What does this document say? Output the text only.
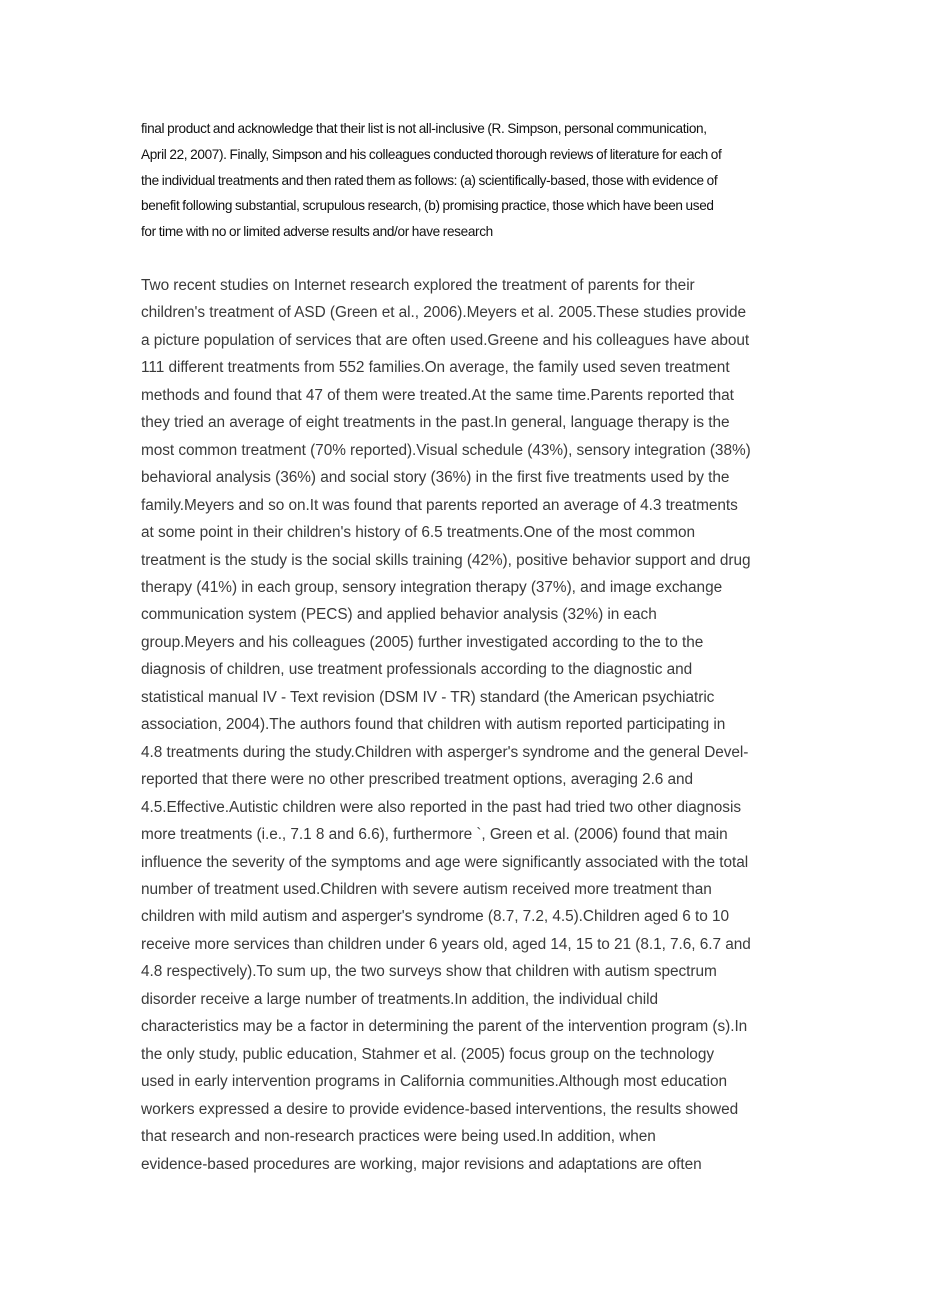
final product and acknowledge that their list is not all-inclusive (R. Simpson, personal communication,
April 22, 2007). Finally, Simpson and his colleagues conducted thorough reviews of literature for each of
the individual treatments and then rated them as follows: (a) scientifically-based, those with evidence of
benefit following substantial, scrupulous research, (b) promising practice, those which have been used
for time with no or limited adverse results and/or have research
Two recent studies on Internet research explored the treatment of parents for their
children's treatment of ASD (Green et al., 2006).Meyers et al. 2005.These studies provide
a picture population of services that are often used.Greene and his colleagues have about
111 different treatments from 552 families.On average, the family used seven treatment
methods and found that 47 of them were treated.At the same time.Parents reported that
they tried an average of eight treatments in the past.In general, language therapy is the
most common treatment (70% reported).Visual schedule (43%), sensory integration (38%)
behavioral analysis (36%) and social story (36%) in the first five treatments used by the
family.Meyers and so on.It was found that parents reported an average of 4.3 treatments
at some point in their children's history of 6.5 treatments.One of the most common
treatment is the study is the social skills training (42%), positive behavior support and drug
therapy (41%) in each group, sensory integration therapy (37%), and image exchange
communication system (PECS) and applied behavior analysis (32%) in each
group.Meyers and his colleagues (2005) further investigated according to the to the
diagnosis of children, use treatment professionals according to the diagnostic and
statistical manual IV - Text revision (DSM IV - TR) standard (the American psychiatric
association, 2004).The authors found that children with autism reported participating in
4.8 treatments during the study.Children with asperger's syndrome and the general Devel-
reported that there were no other prescribed treatment options, averaging 2.6 and
4.5.Effective.Autistic children were also reported in the past had tried two other diagnosis
more treatments (i.e., 7.1 8 and 6.6), furthermore `, Green et al. (2006) found that main
influence the severity of the symptoms and age were significantly associated with the total
number of treatment used.Children with severe autism received more treatment than
children with mild autism and asperger's syndrome (8.7, 7.2, 4.5).Children aged 6 to 10
receive more services than children under 6 years old, aged 14, 15 to 21 (8.1, 7.6, 6.7 and
4.8 respectively).To sum up, the two surveys show that children with autism spectrum
disorder receive a large number of treatments.In addition, the individual child
characteristics may be a factor in determining the parent of the intervention program (s).In
the only study, public education, Stahmer et al. (2005) focus group on the technology
used in early intervention programs in California communities.Although most education
workers expressed a desire to provide evidence-based interventions, the results showed
that research and non-research practices were being used.In addition, when
evidence-based procedures are working, major revisions and adaptations are often
